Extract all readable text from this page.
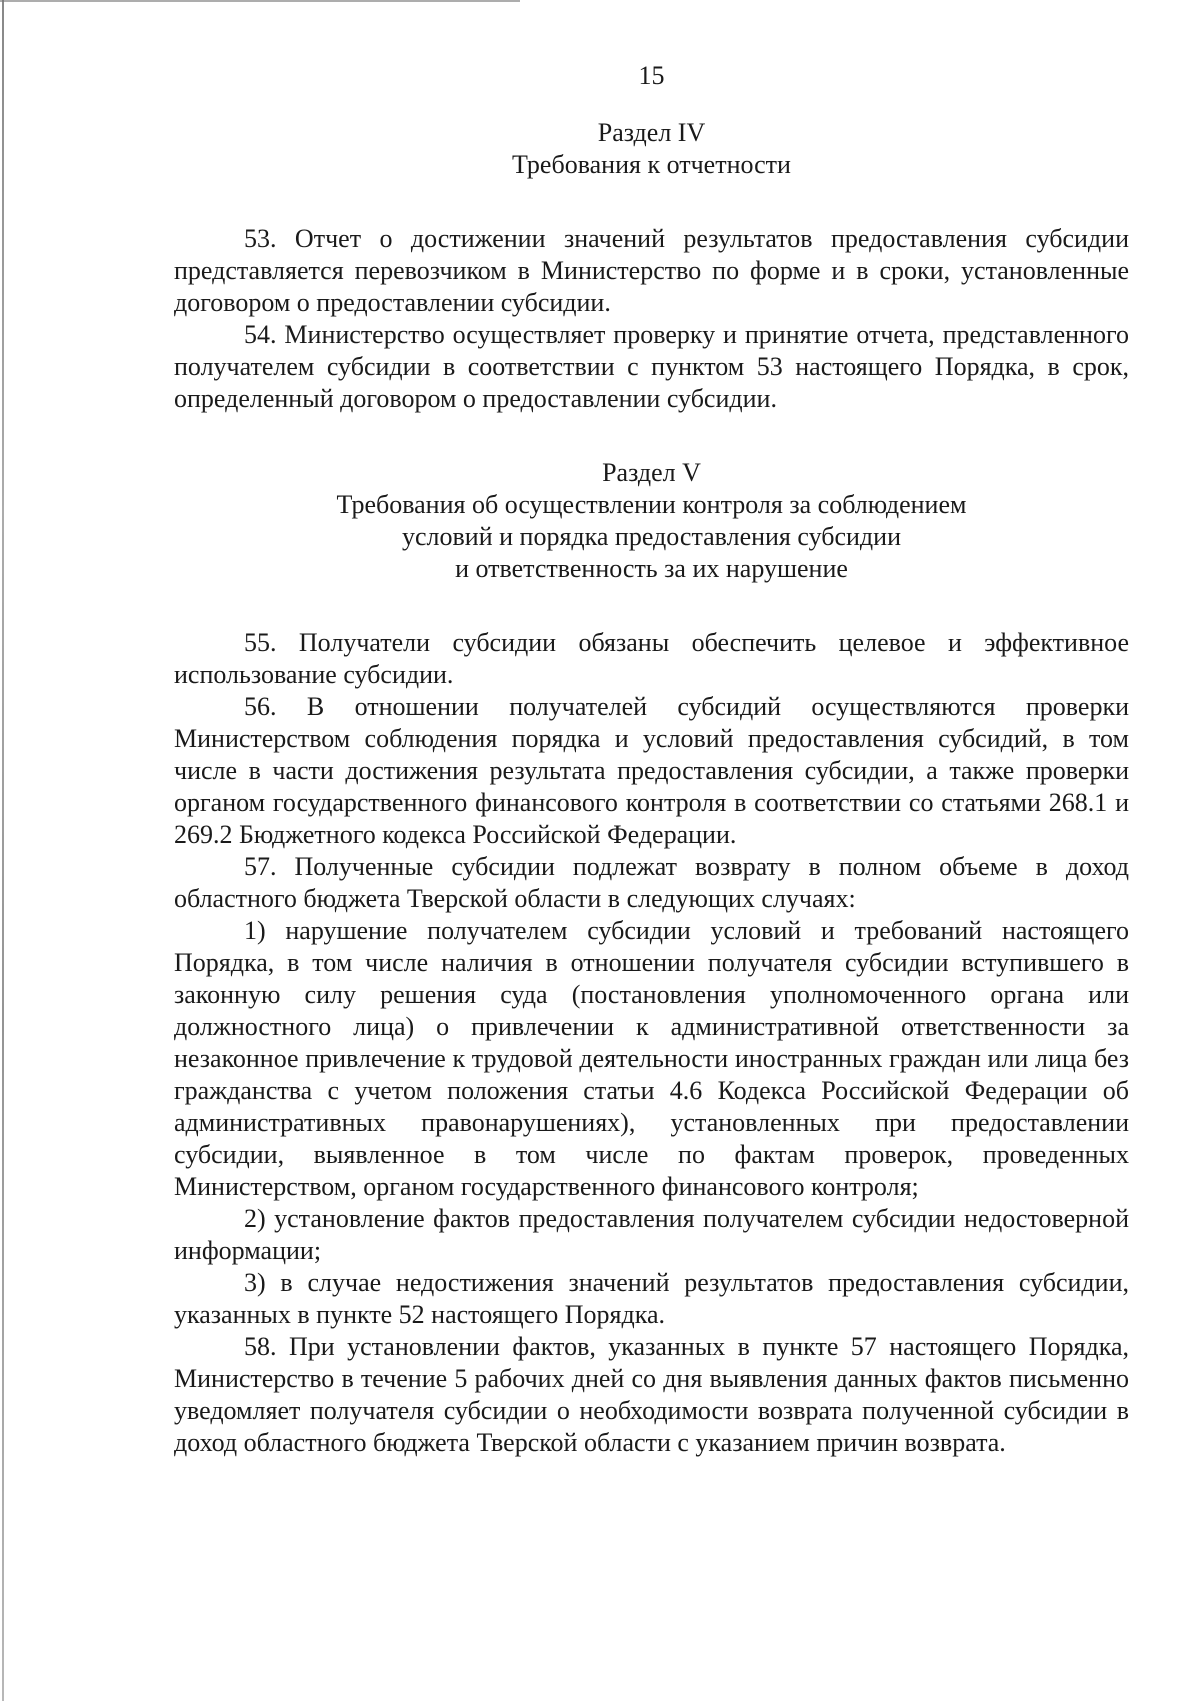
15
Раздел IV
Требования к отчетности

53. Отчет о достижении значений результатов предоставления субсидии представляется перевозчиком в Министерство по форме и в сроки, установленные договором о предоставлении субсидии.

54. Министерство осуществляет проверку и принятие отчета, представленного получателем субсидии в соответствии с пунктом 53 настоящего Порядка, в срок, определенный договором о предоставлении субсидии.

Раздел V
Требования об осуществлении контроля за соблюдением
условий и порядка предоставления субсидии
и ответственность за их нарушение

55. Получатели субсидии обязаны обеспечить целевое и эффективное использование субсидии.

56. В отношении получателей субсидий осуществляются проверки Министерством соблюдения порядка и условий предоставления субсидий, в том числе в части достижения результата предоставления субсидии, а также проверки органом государственного финансового контроля в соответствии со статьями 268.1 и 269.2 Бюджетного кодекса Российской Федерации.

57. Полученные субсидии подлежат возврату в полном объеме в доход областного бюджета Тверской области в следующих случаях:

1) нарушение получателем субсидии условий и требований настоящего Порядка, в том числе наличия в отношении получателя субсидии вступившего в законную силу решения суда (постановления уполномоченного органа или должностного лица) о привлечении к административной ответственности за незаконное привлечение к трудовой деятельности иностранных граждан или лица без гражданства с учетом положения статьи 4.6 Кодекса Российской Федерации об административных правонарушениях), установленных при предоставлении субсидии, выявленное в том числе по фактам проверок, проведенных Министерством, органом государственного финансового контроля;

2) установление фактов предоставления получателем субсидии недостоверной информации;

3) в случае недостижения значений результатов предоставления субсидии, указанных в пункте 52 настоящего Порядка.

58. При установлении фактов, указанных в пункте 57 настоящего Порядка, Министерство в течение 5 рабочих дней со дня выявления данных фактов письменно уведомляет получателя субсидии о необходимости возврата полученной субсидии в доход областного бюджета Тверской области с указанием причин возврата.
